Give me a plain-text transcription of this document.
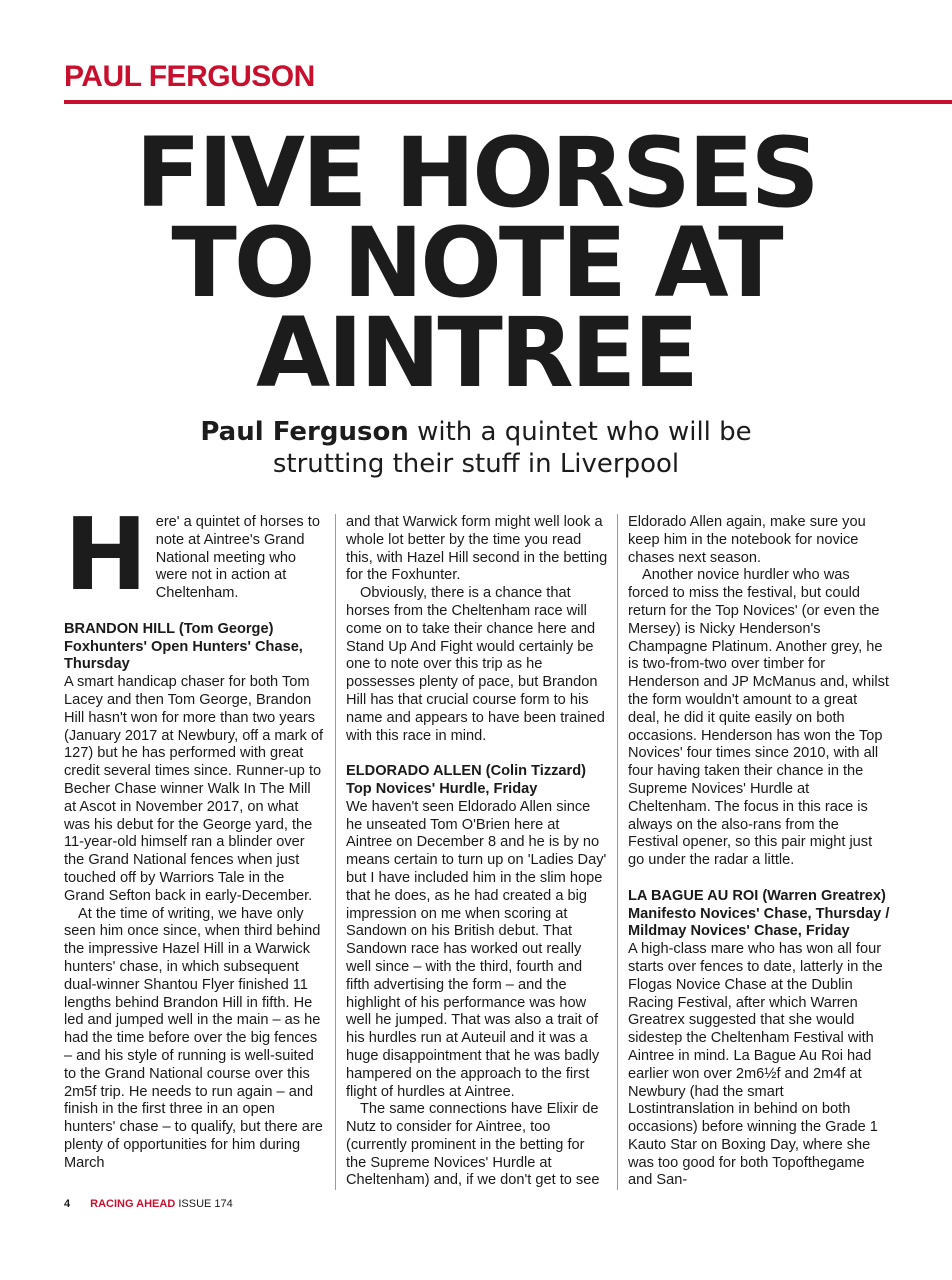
PAUL FERGUSON
FIVE HORSES
TO NOTE AT
AINTREE
Paul Ferguson with a quintet who will be
strutting their stuff in Liverpool

Here' a quintet of horses to note at Aintree's Grand National meeting who were not in action at Cheltenham.

BRANDON HILL (Tom George)
Foxhunters' Open Hunters' Chase, Thursday

A smart handicap chaser for both Tom Lacey and then Tom George, Brandon Hill hasn't won for more than two years (January 2017 at Newbury, off a mark of 127) but he has performed with great credit several times since. Runner-up to Becher Chase winner Walk In The Mill at Ascot in November 2017, on what was his debut for the George yard, the 11-year-old himself ran a blinder over the Grand National fences when just touched off by Warriors Tale in the Grand Sefton back in early-December.

At the time of writing, we have only seen him once since, when third behind the impressive Hazel Hill in a Warwick hunters' chase, in which subsequent dual-winner Shantou Flyer finished 11 lengths behind Brandon Hill in fifth. He led and jumped well in the main – as he had the time before over the big fences – and his style of running is well-suited to the Grand National course over this 2m5f trip. He needs to run again – and finish in the first three in an open hunters' chase – to qualify, but there are plenty of opportunities for him during March

and that Warwick form might well look a whole lot better by the time you read this, with Hazel Hill second in the betting for the Foxhunter.

Obviously, there is a chance that horses from the Cheltenham race will come on to take their chance here and Stand Up And Fight would certainly be one to note over this trip as he possesses plenty of pace, but Brandon Hill has that crucial course form to his name and appears to have been trained with this race in mind.

ELDORADO ALLEN (Colin Tizzard)
Top Novices' Hurdle, Friday

We haven't seen Eldorado Allen since he unseated Tom O'Brien here at Aintree on December 8 and he is by no means certain to turn up on 'Ladies Day' but I have included him in the slim hope that he does, as he had created a big impression on me when scoring at Sandown on his British debut. That Sandown race has worked out really well since – with the third, fourth and fifth advertising the form – and the highlight of his performance was how well he jumped. That was also a trait of his hurdles run at Auteuil and it was a huge disappointment that he was badly hampered on the approach to the first flight of hurdles at Aintree.

The same connections have Elixir de Nutz to consider for Aintree, too (currently prominent in the betting for the Supreme Novices' Hurdle at Cheltenham) and, if we don't get to see

Eldorado Allen again, make sure you keep him in the notebook for novice chases next season.

Another novice hurdler who was forced to miss the festival, but could return for the Top Novices' (or even the Mersey) is Nicky Henderson's Champagne Platinum. Another grey, he is two-from-two over timber for Henderson and JP McManus and, whilst the form wouldn't amount to a great deal, he did it quite easily on both occasions. Henderson has won the Top Novices' four times since 2010, with all four having taken their chance in the Supreme Novices' Hurdle at Cheltenham. The focus in this race is always on the also-rans from the Festival opener, so this pair might just go under the radar a little.

LA BAGUE AU ROI (Warren Greatrex)
Manifesto Novices' Chase, Thursday / Mildmay Novices' Chase, Friday

A high-class mare who has won all four starts over fences to date, latterly in the Flogas Novice Chase at the Dublin Racing Festival, after which Warren Greatrex suggested that she would sidestep the Cheltenham Festival with Aintree in mind. La Bague Au Roi had earlier won over 2m6½f and 2m4f at Newbury (had the smart Lostintranslation in behind on both occasions) before winning the Grade 1 Kauto Star on Boxing Day, where she was too good for both Topofthegame and San-

4 RACING AHEAD ISSUE 174
